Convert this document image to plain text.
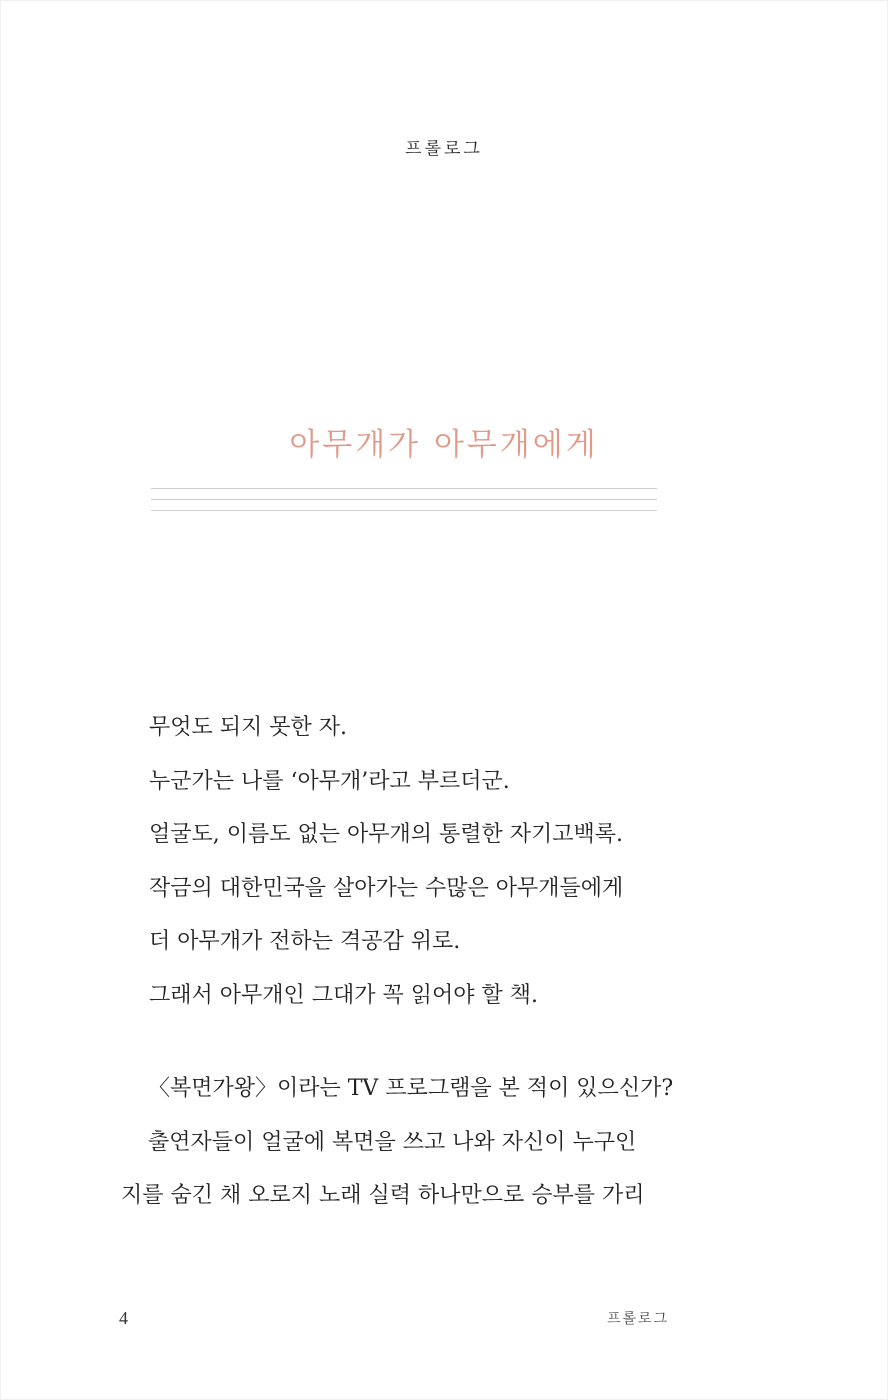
프롤로그
아무개가 아무개에게

무엇도 되지 못한 자.

누군가는 나를 ‘아무개’라고 부르더군.

얼굴도, 이름도 없는 아무개의 통렬한 자기고백록.

작금의 대한민국을 살아가는 수많은 아무개들에게

더 아무개가 전하는 격공감 위로.

그래서 아무개인 그대가 꼭 읽어야 할 책.

〈복면가왕〉이라는 TV 프로그램을 본 적이 있으신가?

출연자들이 얼굴에 복면을 쓰고 나와 자신이 누구인

지를 숨긴 채 오로지 노래 실력 하나만으로 승부를 가리

4	프롤로그
